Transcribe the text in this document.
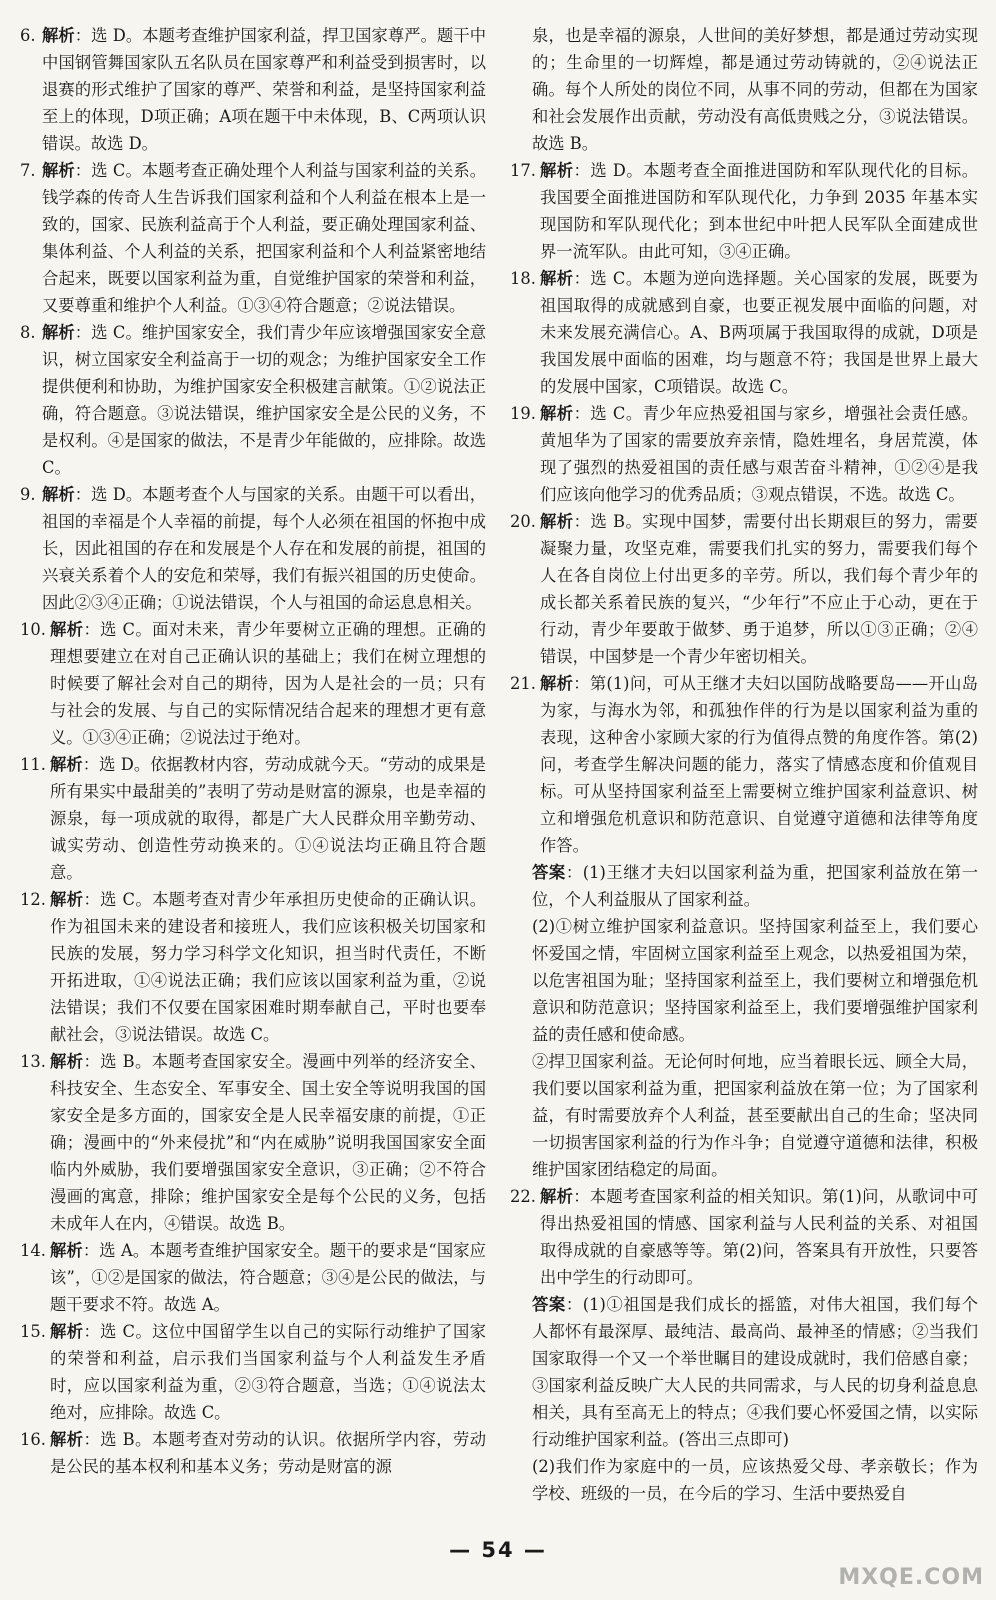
6. 解析：选 D。本题考查维护国家利益，捍卫国家尊严。题干中中国钢管舞国家队五名队员在国家尊严和利益受到损害时，以退赛的形式维护了国家的尊严、荣誉和利益，是坚持国家利益至上的体现，D项正确；A项在题干中未体现，B、C两项认识错误。故选 D。

7. 解析：选 C。本题考查正确处理个人利益与国家利益的关系。钱学森的传奇人生告诉我们国家利益和个人利益在根本上是一致的，国家、民族利益高于个人利益，要正确处理国家利益、集体利益、个人利益的关系，把国家利益和个人利益紧密地结合起来，既要以国家利益为重，自觉维护国家的荣誉和利益，又要尊重和维护个人利益。①③④符合题意；②说法错误。

8. 解析：选 C。维护国家安全，我们青少年应该增强国家安全意识，树立国家安全利益高于一切的观念；为维护国家安全工作提供便利和协助，为维护国家安全积极建言献策。①②说法正确，符合题意。③说法错误，维护国家安全是公民的义务，不是权利。④是国家的做法，不是青少年能做的，应排除。故选 C。

9. 解析：选 D。本题考查个人与国家的关系。由题干可以看出，祖国的幸福是个人幸福的前提，每个人必须在祖国的怀抱中成长，因此祖国的存在和发展是个人存在和发展的前提，祖国的兴衰关系着个人的安危和荣辱，我们有振兴祖国的历史使命。因此②③④正确；①说法错误，个人与祖国的命运息息相关。

10. 解析：选 C。面对未来，青少年要树立正确的理想。正确的理想要建立在对自己正确认识的基础上；我们在树立理想的时候要了解社会对自己的期待，因为人是社会的一员；只有与社会的发展、与自己的实际情况结合起来的理想才更有意义。①③④正确；②说法过于绝对。

11. 解析：选 D。依据教材内容，劳动成就今天。“劳动的成果是所有果实中最甜美的”表明了劳动是财富的源泉，也是幸福的源泉，每一项成就的取得，都是广大人民群众用辛勤劳动、诚实劳动、创造性劳动换来的。①④说法均正确且符合题意。

12. 解析：选 C。本题考查对青少年承担历史使命的正确认识。作为祖国未来的建设者和接班人，我们应该积极关切国家和民族的发展，努力学习科学文化知识，担当时代责任，不断开拓进取，①④说法正确；我们应该以国家利益为重，②说法错误；我们不仅要在国家困难时期奉献自己，平时也要奉献社会，③说法错误。故选 C。

13. 解析：选 B。本题考查国家安全。漫画中列举的经济安全、科技安全、生态安全、军事安全、国土安全等说明我国的国家安全是多方面的，国家安全是人民幸福安康的前提，①正确；漫画中的“外来侵扰”和“内在威胁”说明我国国家安全面临内外威胁，我们要增强国家安全意识，③正确；②不符合漫画的寓意，排除；维护国家安全是每个公民的义务，包括未成年人在内，④错误。故选 B。

14. 解析：选 A。本题考查维护国家安全。题干的要求是“国家应该”，①②是国家的做法，符合题意；③④是公民的做法，与题干要求不符。故选 A。

15. 解析：选 C。这位中国留学生以自己的实际行动维护了国家的荣誉和利益，启示我们当国家利益与个人利益发生矛盾时，应以国家利益为重，②③符合题意，当选；①④说法太绝对，应排除。故选 C。

16. 解析：选 B。本题考查对劳动的认识。依据所学内容，劳动是公民的基本权利和基本义务；劳动是财富的源

泉，也是幸福的源泉，人世间的美好梦想，都是通过劳动实现的；生命里的一切辉煌，都是通过劳动铸就的，②④说法正确。每个人所处的岗位不同，从事不同的劳动，但都在为国家和社会发展作出贡献，劳动没有高低贵贱之分，③说法错误。故选 B。

17. 解析：选 D。本题考查全面推进国防和军队现代化的目标。我国要全面推进国防和军队现代化，力争到 2035 年基本实现国防和军队现代化；到本世纪中叶把人民军队全面建成世界一流军队。由此可知，③④正确。

18. 解析：选 C。本题为逆向选择题。关心国家的发展，既要为祖国取得的成就感到自豪，也要正视发展中面临的问题，对未来发展充满信心。A、B两项属于我国取得的成就，D项是我国发展中面临的困难，均与题意不符；我国是世界上最大的发展中国家，C项错误。故选 C。

19. 解析：选 C。青少年应热爱祖国与家乡，增强社会责任感。黄旭华为了国家的需要放弃亲情，隐姓埋名，身居荒漠，体现了强烈的热爱祖国的责任感与艰苦奋斗精神，①②④是我们应该向他学习的优秀品质；③观点错误，不选。故选 C。

20. 解析：选 B。实现中国梦，需要付出长期艰巨的努力，需要凝聚力量，攻坚克难，需要我们扎实的努力，需要我们每个人在各自岗位上付出更多的辛劳。所以，我们每个青少年的成长都关系着民族的复兴，“少年行”不应止于心动，更在于行动，青少年要敢于做梦、勇于追梦，所以①③正确；②④错误，中国梦是一个青少年密切相关。

21. 解析：第(1)问，可从王继才夫妇以国防战略要岛——开山岛为家，与海水为邻，和孤独作伴的行为是以国家利益为重的表现，这种舍小家顾大家的行为值得点赞的角度作答。第(2)问，考查学生解决问题的能力，落实了情感态度和价值观目标。可从坚持国家利益至上需要树立维护国家利益意识、树立和增强危机意识和防范意识、自觉遵守道德和法律等角度作答。

答案：(1)王继才夫妇以国家利益为重，把国家利益放在第一位，个人利益服从了国家利益。

(2)①树立维护国家利益意识。坚持国家利益至上，我们要心怀爱国之情，牢固树立国家利益至上观念，以热爱祖国为荣，以危害祖国为耻；坚持国家利益至上，我们要树立和增强危机意识和防范意识；坚持国家利益至上，我们要增强维护国家利益的责任感和使命感。

②捍卫国家利益。无论何时何地，应当着眼长远、顾全大局，我们要以国家利益为重，把国家利益放在第一位；为了国家利益，有时需要放弃个人利益，甚至要献出自己的生命；坚决同一切损害国家利益的行为作斗争；自觉遵守道德和法律，积极维护国家团结稳定的局面。

22. 解析：本题考查国家利益的相关知识。第(1)问，从歌词中可得出热爱祖国的情感、国家利益与人民利益的关系、对祖国取得成就的自豪感等等。第(2)问，答案具有开放性，只要答出中学生的行动即可。

答案：(1)①祖国是我们成长的摇篮，对伟大祖国，我们每个人都怀有最深厚、最纯洁、最高尚、最神圣的情感；②当我们国家取得一个又一个举世瞩目的建设成就时，我们倍感自豪；③国家利益反映广大人民的共同需求，与人民的切身利益息息相关，具有至高无上的特点；④我们要心怀爱国之情，以实际行动维护国家利益。(答出三点即可)

(2)我们作为家庭中的一员，应该热爱父母、孝亲敬长；作为学校、班级的一员，在今后的学习、生活中要热爱自

— 54 —
MXQE.COM
